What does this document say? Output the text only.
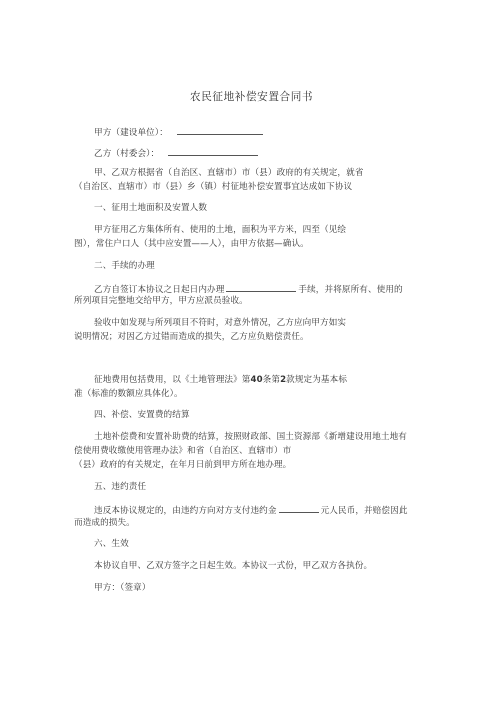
农民征地补偿安置合同书

甲方（建设单位）：

乙方（村委会）：

甲、乙双方根据省（自治区、直辖市）市（县）政府的有关规定，就省

（自治区、直辖市）市（县）乡（镇）村征地补偿安置事宜达成如下协议

一、征用土地面积及安置人数

甲方征用乙方集体所有、使用的土地，面积为平方米，四至（见绘

图），常住户口人（其中应安置——人），由甲方依据—确认。

二、手续的办理

乙方自签订本协议之日起日内办理	手续，并将原所有、使用的

所列项目完整地交给甲方，甲方应派员验收。

验收中如发现与所列项目不符时，对意外情况，乙方应向甲方如实

说明情况；对因乙方过错而造成的损失，乙方应负赔偿责任。

征地费用包括费用，以《土地管理法》第40条第2款规定为基本标

准（标准的数额应具体化）。

四、补偿、安置费的结算

土地补偿费和安置补助费的结算，按照财政部、国土资源部《新增建设用地土地有

偿使用费收缴使用管理办法》和省（自治区、直辖市）市

（县）政府的有关规定，在年月日前到甲方所在地办理。

五、违约责任

违反本协议规定的，由违约方向对方支付违约金	元人民币，并赔偿因此

而造成的损失。

六、生效

本协议自甲、乙双方签字之日起生效。本协议一式份，甲乙双方各执份。

甲方：（签章）
